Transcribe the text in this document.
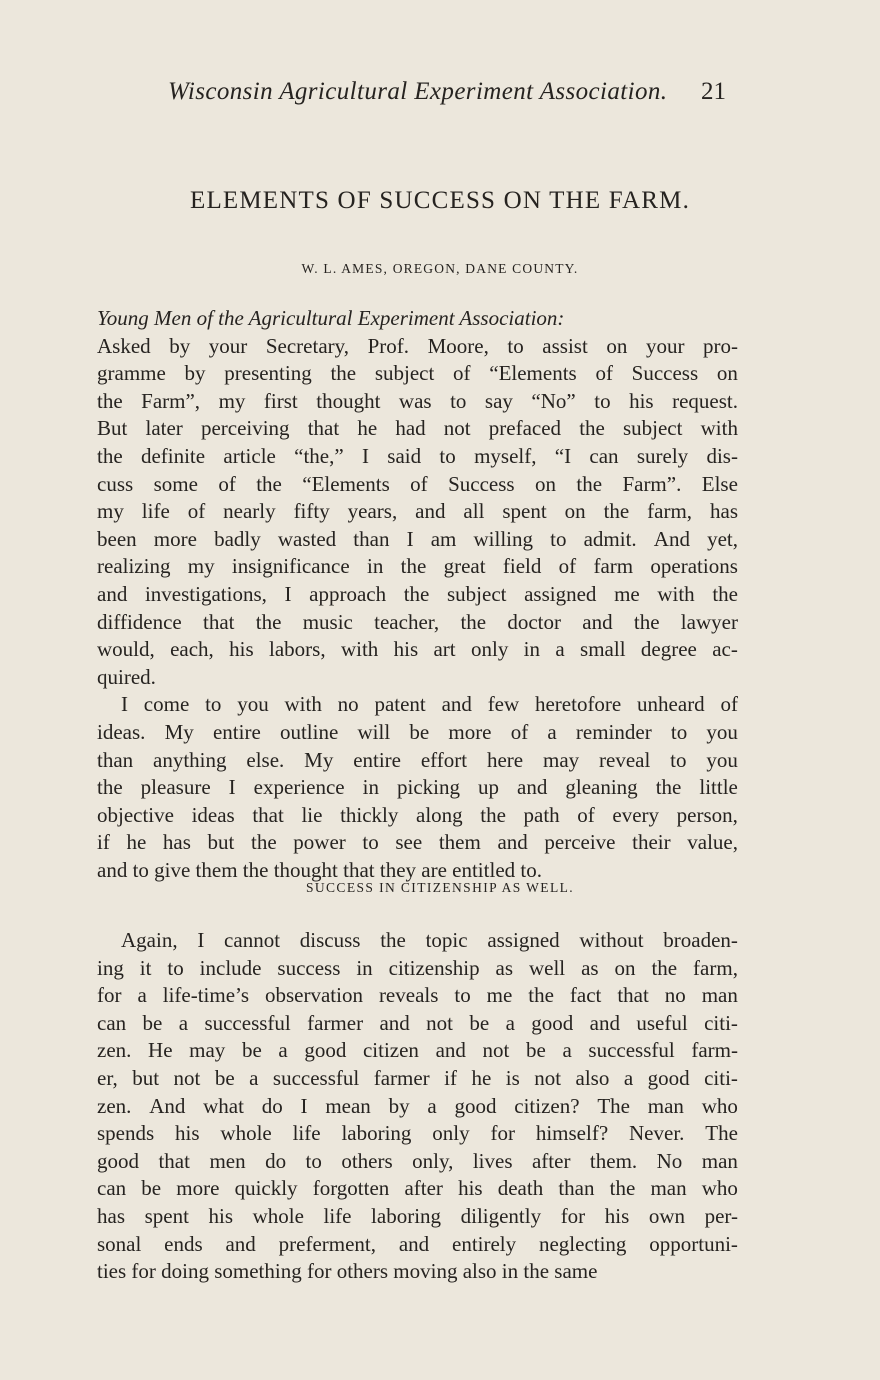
Wisconsin Agricultural Experiment Association. 21
ELEMENTS OF SUCCESS ON THE FARM.
W. L. AMES, OREGON, DANE COUNTY.
Young Men of the Agricultural Experiment Association:
Asked by your Secretary, Prof. Moore, to assist on your pro-
gramme by presenting the subject of “Elements of Success on
the Farm”, my first thought was to say “No” to his request.
But later perceiving that he had not prefaced the subject with
the definite article “the,” I said to myself, “I can surely dis-
cuss some of the “Elements of Success on the Farm”. Else
my life of nearly fifty years, and all spent on the farm, has
been more badly wasted than I am willing to admit. And yet,
realizing my insignificance in the great field of farm operations
and investigations, I approach the subject assigned me with the
diffidence that the music teacher, the doctor and the lawyer
would, each, his labors, with his art only in a small degree ac-
quired.
I come to you with no patent and few heretofore unheard of
ideas. My entire outline will be more of a reminder to you
than anything else. My entire effort here may reveal to you
the pleasure I experience in picking up and gleaning the little
objective ideas that lie thickly along the path of every person,
if he has but the power to see them and perceive their value,
and to give them the thought that they are entitled to.
SUCCESS IN CITIZENSHIP AS WELL.
Again, I cannot discuss the topic assigned without broaden-
ing it to include success in citizenship as well as on the farm,
for a life-time’s observation reveals to me the fact that no man
can be a successful farmer and not be a good and useful citi-
zen. He may be a good citizen and not be a successful farm-
er, but not be a successful farmer if he is not also a good citi-
zen. And what do I mean by a good citizen? The man who
spends his whole life laboring only for himself? Never. The
good that men do to others only, lives after them. No man
can be more quickly forgotten after his death than the man who
has spent his whole life laboring diligently for his own per-
sonal ends and preferment, and entirely neglecting opportuni-
ties for doing something for others moving also in the same
